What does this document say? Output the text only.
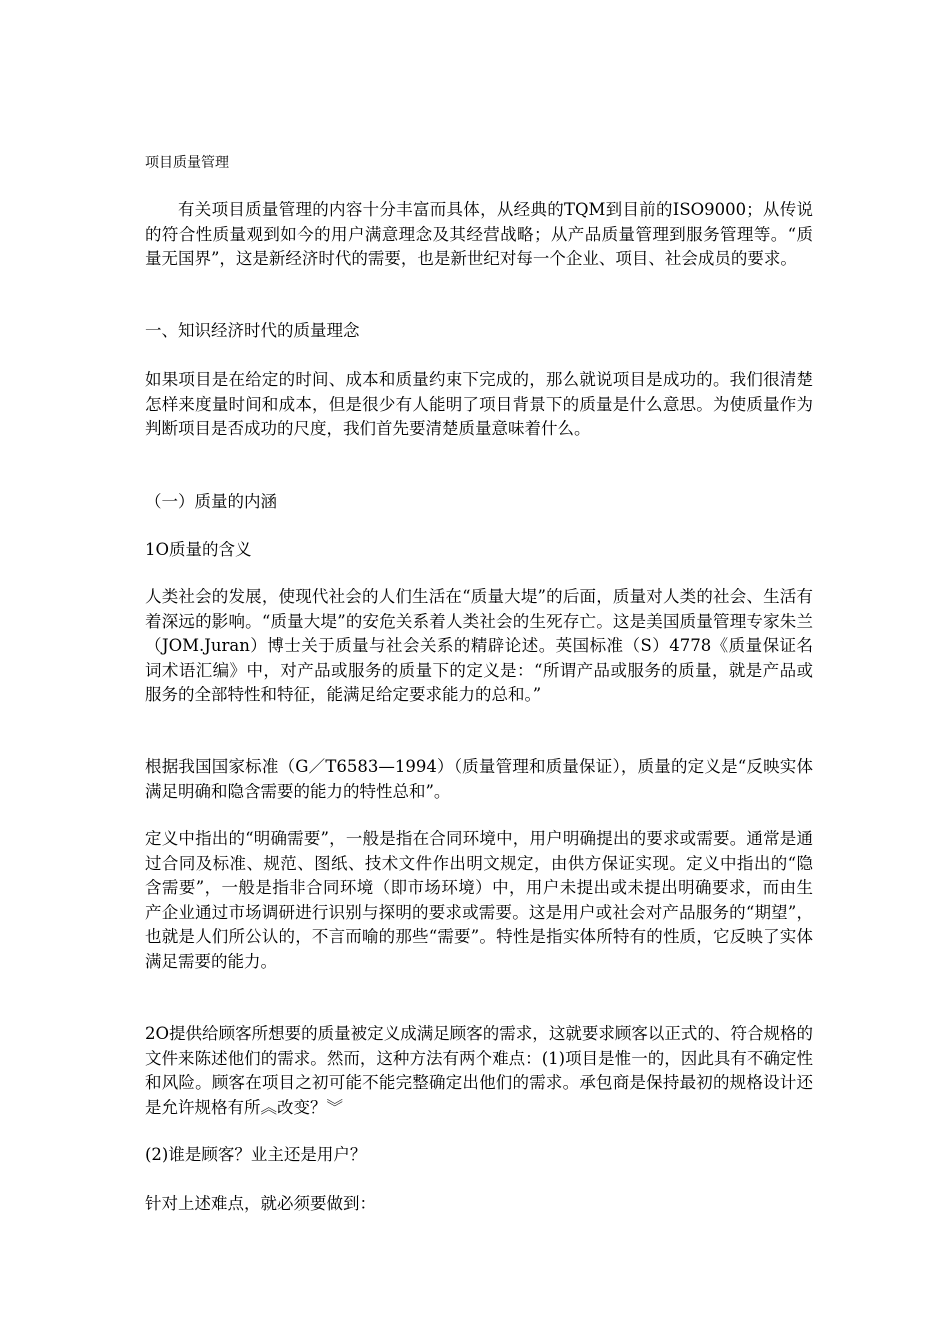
项目质量管理

有关项目质量管理的内容十分丰富而具体，从经典的TQM到目前的ISO9000；从传说的符合性质量观到如今的用户满意理念及其经营战略；从产品质量管理到服务管理等。“质量无国界”，这是新经济时代的需要，也是新世纪对每一个企业、项目、社会成员的要求。

一、知识经济时代的质量理念

如果项目是在给定的时间、成本和质量约束下完成的，那么就说项目是成功的。我们很清楚怎样来度量时间和成本，但是很少有人能明了项目背景下的质量是什么意思。为使质量作为判断项目是否成功的尺度，我们首先要清楚质量意味着什么。

（一）质量的内涵
1O质量的含义

人类社会的发展，使现代社会的人们生活在“质量大堤”的后面，质量对人类的社会、生活有着深远的影响。“质量大堤”的安危关系着人类社会的生死存亡。这是美国质量管理专家朱兰（JOM.Juran）博士关于质量与社会关系的精辟论述。英国标准（S）4778《质量保证名词术语汇编》中，对产品或服务的质量下的定义是：“所谓产品或服务的质量，就是产品或服务的全部特性和特征，能满足给定要求能力的总和。”

根据我国国家标准（G／T6583—1994）（质量管理和质量保证），质量的定义是“反映实体满足明确和隐含需要的能力的特性总和”。

定义中指出的“明确需要”，一般是指在合同环境中，用户明确提出的要求或需要。通常是通过合同及标准、规范、图纸、技术文件作出明文规定，由供方保证实现。定义中指出的“隐含需要”，一般是指非合同环境（即市场环境）中，用户未提出或未提出明确要求，而由生产企业通过市场调研进行识别与探明的要求或需要。这是用户或社会对产品服务的“期望”，也就是人们所公认的，不言而喻的那些“需要”。特性是指实体所特有的性质，它反映了实体满足需要的能力。

2O提供给顾客所想要的质量被定义成满足顾客的需求，这就要求顾客以正式的、符合规格的文件来陈述他们的需求。然而，这种方法有两个难点：(1)项目是惟一的，因此具有不确定性和风险。顾客在项目之初可能不能完整确定出他们的需求。承包商是保持最初的规格设计还是允许规格有所︽改变？︾

(2)谁是顾客？业主还是用户？

针对上述难点，就必须要做到：
